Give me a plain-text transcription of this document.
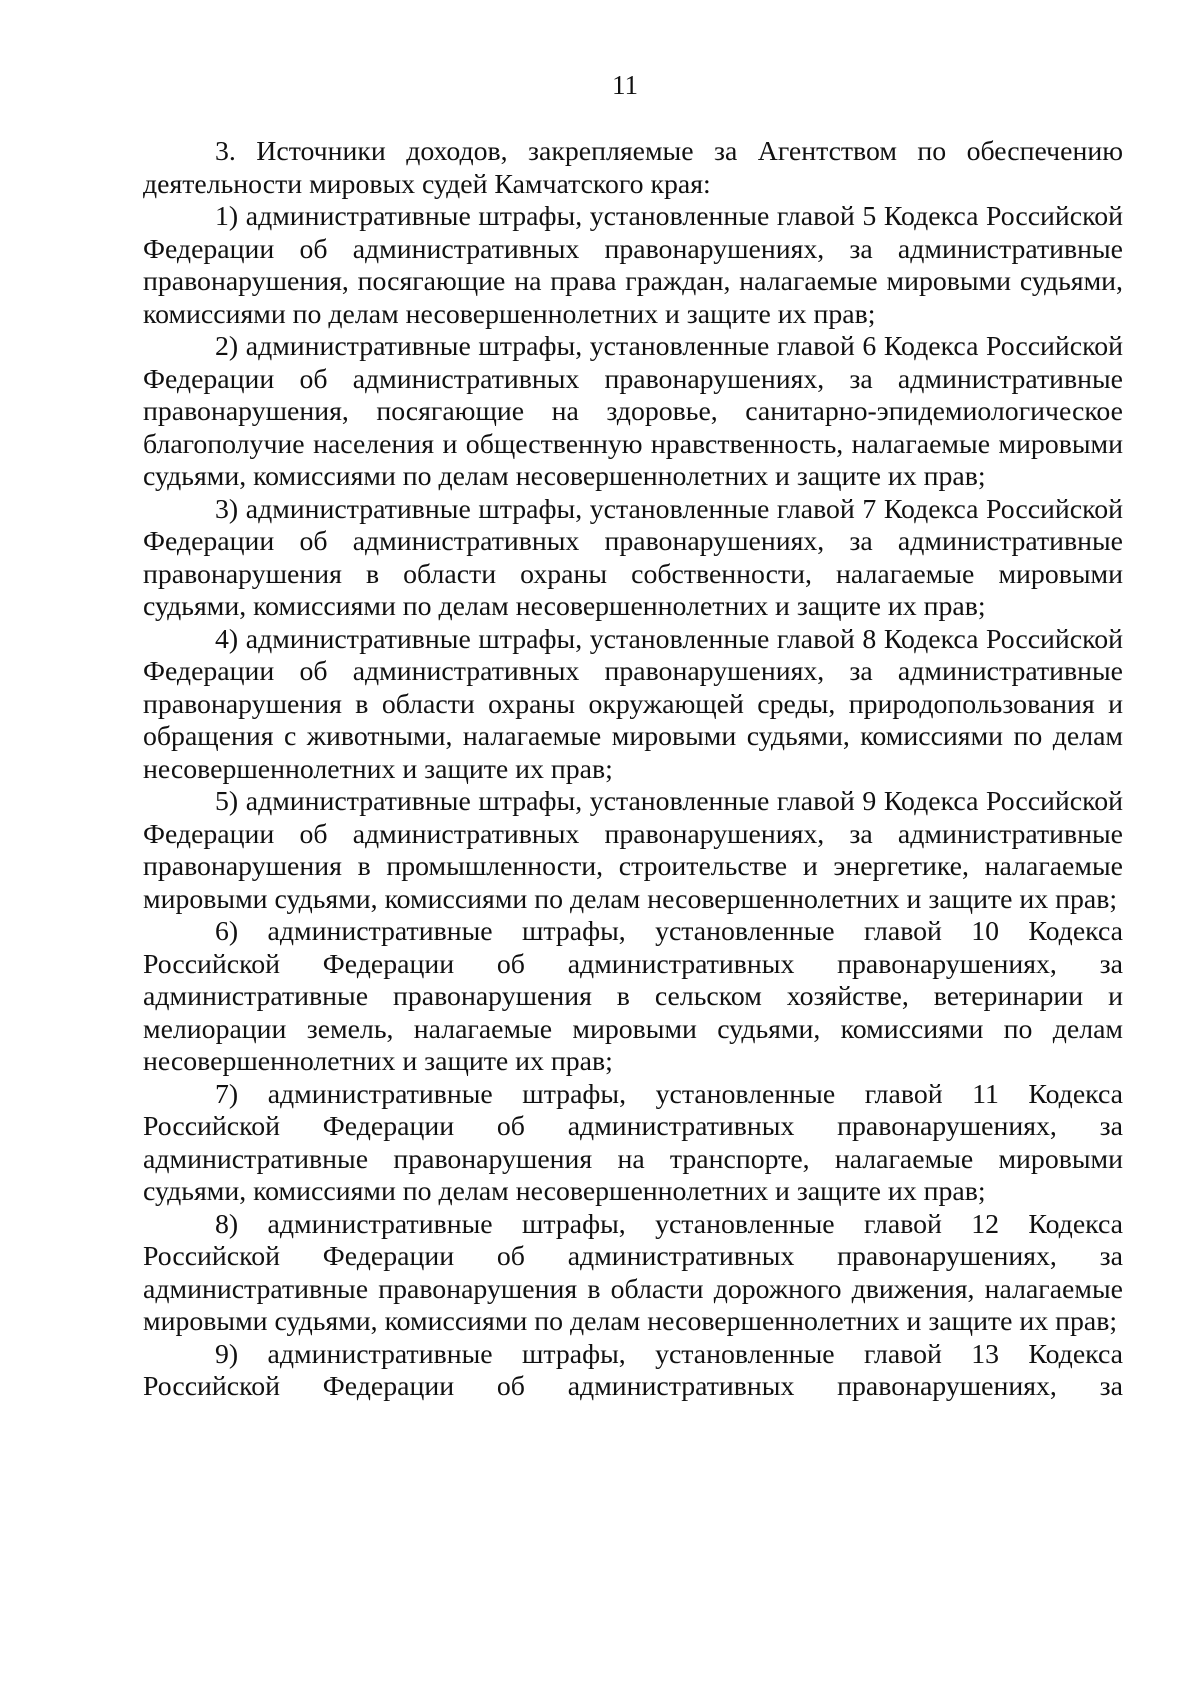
11

3. Источники доходов, закрепляемые за Агентством по обеспечению деятельности мировых судей Камчатского края:

1) административные штрафы, установленные главой 5 Кодекса Российской Федерации об административных правонарушениях, за административные правонарушения, посягающие на права граждан, налагаемые мировыми судьями, комиссиями по делам несовершеннолетних и защите их прав;

2) административные штрафы, установленные главой 6 Кодекса Российской Федерации об административных правонарушениях, за административные правонарушения, посягающие на здоровье, санитарно-эпидемиологическое благополучие населения и общественную нравственность, налагаемые мировыми судьями, комиссиями по делам несовершеннолетних и защите их прав;

3) административные штрафы, установленные главой 7 Кодекса Российской Федерации об административных правонарушениях, за административные правонарушения в области охраны собственности, налагаемые мировыми судьями, комиссиями по делам несовершеннолетних и защите их прав;

4) административные штрафы, установленные главой 8 Кодекса Российской Федерации об административных правонарушениях, за административные правонарушения в области охраны окружающей среды, природопользования и обращения с животными, налагаемые мировыми судьями, комиссиями по делам несовершеннолетних и защите их прав;

5) административные штрафы, установленные главой 9 Кодекса Российской Федерации об административных правонарушениях, за административные правонарушения в промышленности, строительстве и энергетике, налагаемые мировыми судьями, комиссиями по делам несовершеннолетних и защите их прав;

6) административные штрафы, установленные главой 10 Кодекса Российской Федерации об административных правонарушениях, за административные правонарушения в сельском хозяйстве, ветеринарии и мелиорации земель, налагаемые мировыми судьями, комиссиями по делам несовершеннолетних и защите их прав;

7) административные штрафы, установленные главой 11 Кодекса Российской Федерации об административных правонарушениях, за административные правонарушения на транспорте, налагаемые мировыми судьями, комиссиями по делам несовершеннолетних и защите их прав;

8) административные штрафы, установленные главой 12 Кодекса Российской Федерации об административных правонарушениях, за административные правонарушения в области дорожного движения, налагаемые мировыми судьями, комиссиями по делам несовершеннолетних и защите их прав;

9) административные штрафы, установленные главой 13 Кодекса Российской Федерации об административных правонарушениях, за
